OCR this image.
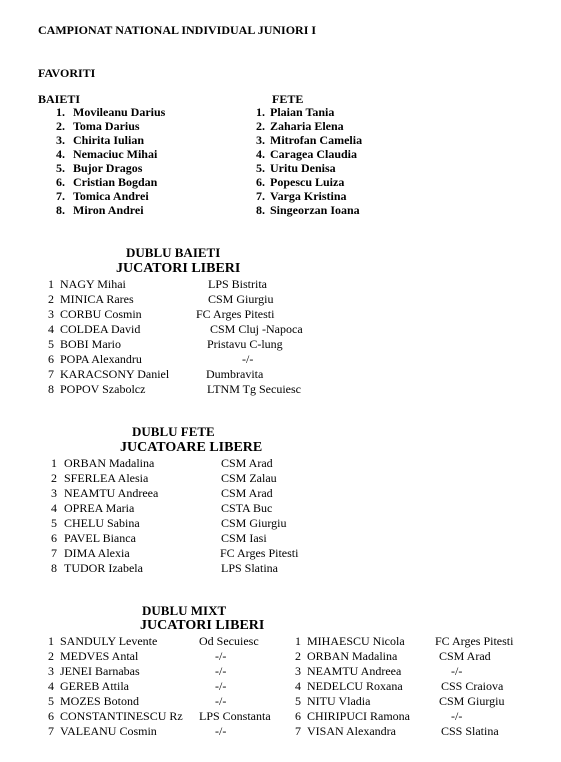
CAMPIONAT NATIONAL INDIVIDUAL JUNIORI I
FAVORITI
BAIETI	FETE
1. Movileanu Darius
2. Toma Darius
3. Chirita Iulian
4. Nemaciuc Mihai
5. Bujor Dragos
6. Cristian Bogdan
7. Tomica Andrei
8. Miron Andrei
1. Plaian Tania
2. Zaharia Elena
3. Mitrofan Camelia
4. Caragea Claudia
5. Uritu Denisa
6. Popescu Luiza
7. Varga Kristina
8. Singeorzan Ioana
DUBLU BAIETI
JUCATORI LIBERI
1 NAGY Mihai	LPS Bistrita
2 MINICA Rares	CSM Giurgiu
3 CORBU Cosmin	FC Arges Pitesti
4 COLDEA David	CSM Cluj -Napoca
5 BOBI Mario	Pristavu C-lung
6 POPA Alexandru	-/-
7 KARACSONY Daniel	Dumbravita
8 POPOV Szabolcz	LTNM Tg Secuiesc
DUBLU FETE
JUCATOARE LIBERE
1 ORBAN Madalina	CSM Arad
2 SFERLEA Alesia	CSM Zalau
3 NEAMTU Andreea	CSM Arad
4 OPREA Maria	CSTA Buc
5 CHELU Sabina	CSM Giurgiu
6 PAVEL Bianca	CSM Iasi
7 DIMA Alexia	FC Arges Pitesti
8 TUDOR Izabela	LPS Slatina
DUBLU MIXT
JUCATORI LIBERI
1 SANDULY Levente	Od Secuiesc
2 MEDVES Antal	-/-
3 JENEI Barnabas	-/-
4 GEREB Attila	-/-
5 MOZES Botond	-/-
6 CONSTANTINESCU Rz LPS Constanta
7 VALEANU Cosmin	-/-
1 MIHAESCU Nicola	FC Arges Pitesti
2 ORBAN Madalina	CSM Arad
3 NEAMTU Andreea	-/-
4 NEDELCU Roxana	CSS Craiova
5 NITU Vladia	CSM Giurgiu
6 CHIRIPUCI Ramona	-/-
7 VISAN Alexandra	CSS Slatina
